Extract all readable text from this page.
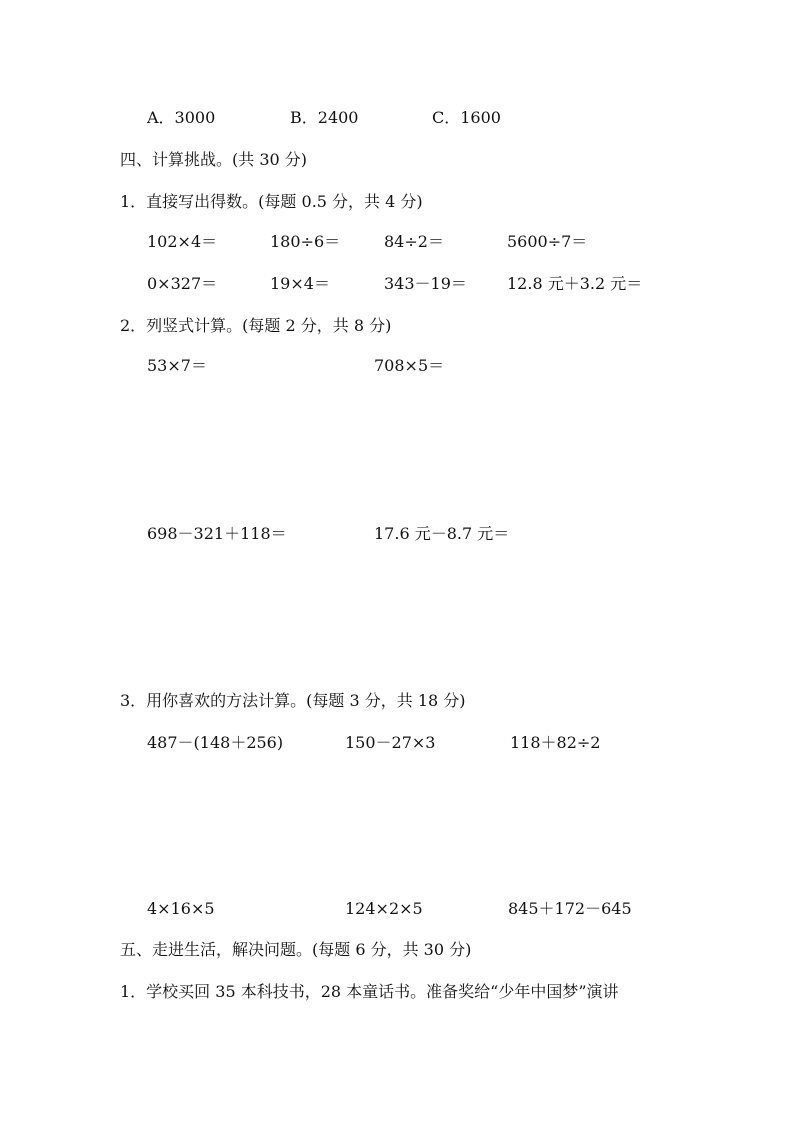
A．3000	B．2400	C．1600
四、计算挑战。(共 30 分)
1．直接写出得数。(每题 0.5 分，共 4 分)
102×4＝	180÷6＝	84÷2＝	5600÷7＝
0×327＝	19×4＝	343－19＝	12.8 元＋3.2 元＝
2．列竖式计算。(每题 2 分，共 8 分)
53×7＝	708×5＝
698－321＋118＝	17.6 元－8.7 元＝
3．用你喜欢的方法计算。(每题 3 分，共 18 分)
487－(148＋256)	150－27×3	118＋82÷2
4×16×5	124×2×5	845＋172－645
五、走进生活，解决问题。(每题 6 分，共 30 分)
1．学校买回 35 本科技书，28 本童话书。准备奖给“少年中国梦”演讲
